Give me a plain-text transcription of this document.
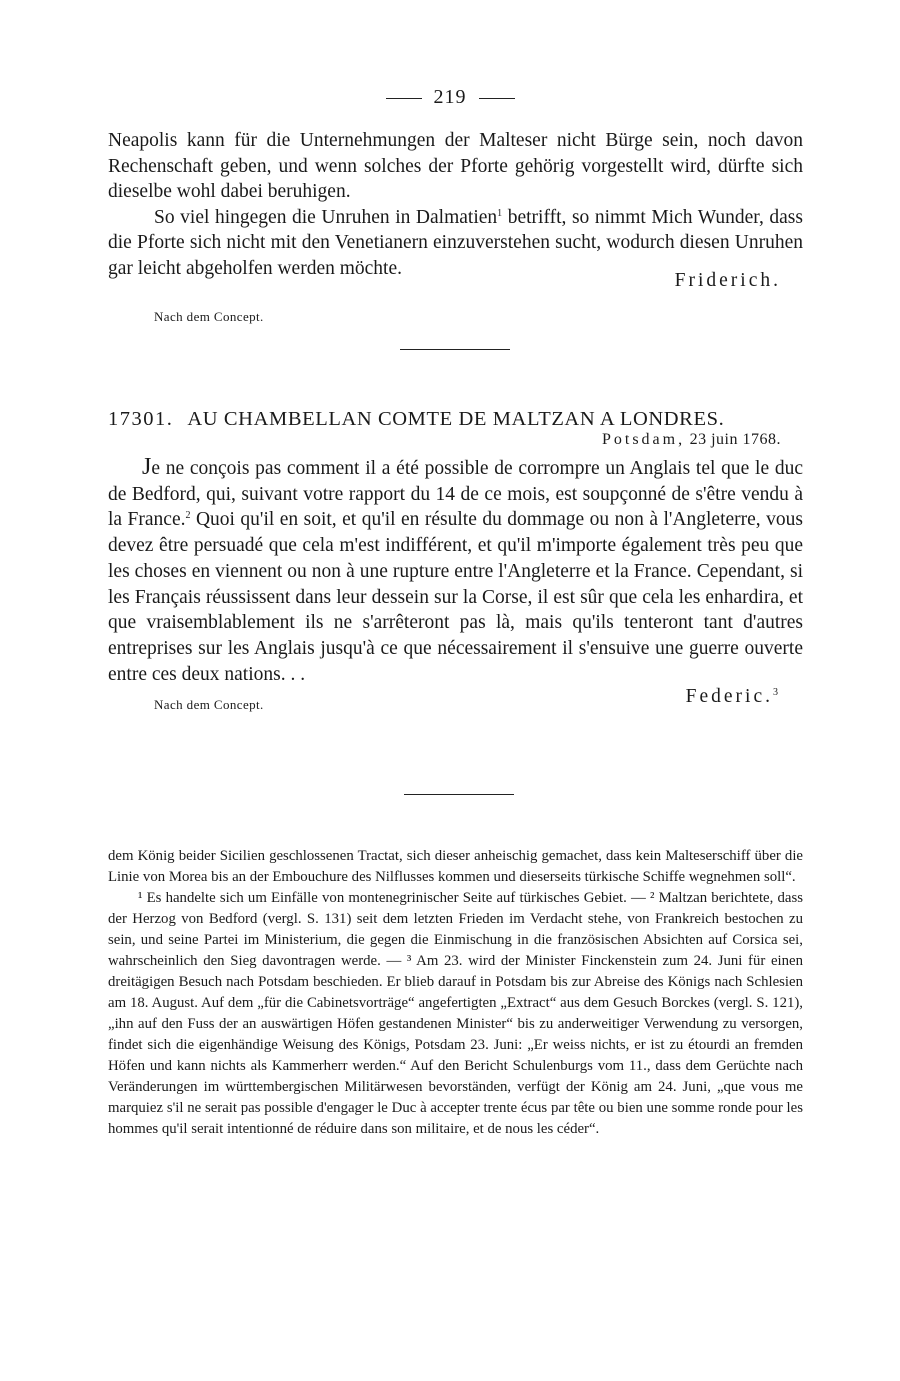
219

Neapolis kann für die Unternehmungen der Malteser nicht Bürge sein, noch davon Rechenschaft geben, und wenn solches der Pforte gehörig vorgestellt wird, dürfte sich dieselbe wohl dabei beruhigen.

So viel hingegen die Unruhen in Dalmatien$^1$ betrifft, so nimmt Mich Wunder, dass die Pforte sich nicht mit den Venetianern einzuverstehen sucht, wodurch diesen Unruhen gar leicht abgeholfen werden möchte.

Friderich.
Nach dem Concept.
17301. AU CHAMBELLAN COMTE DE MALTZAN A LONDRES.
Potsdam, 23 juin 1768.
Je ne conçois pas comment il a été possible de corrompre un Anglais tel que le duc de Bedford, qui, suivant votre rapport du 14 de ce mois, est soupçonné de s'être vendu à la France.$^2$ Quoi qu'il en soit, et qu'il en résulte du dommage ou non à l'Angleterre, vous devez être persuadé que cela m'est indifférent, et qu'il m'importe également très peu que les choses en viennent ou non à une rupture entre l'Angleterre et la France. Cependant, si les Français réussissent dans leur dessein sur la Corse, il est sûr que cela les enhardira, et que vraisemblablement ils ne s'arrêteront pas là, mais qu'ils tenteront tant d'autres entreprises sur les Anglais jusqu'à ce que nécessairement il s'ensuive une guerre ouverte entre ces deux nations. . .
Nach dem Concept.	Federic.$^3$

dem König beider Sicilien geschlossenen Tractat, sich dieser anheischig gemachet, dass kein Malteserschiff über die Linie von Morea bis an der Embouchure des Nilflusses kommen und dieserseits türkische Schiffe wegnehmen soll“.

¹ Es handelte sich um Einfälle von montenegrinischer Seite auf türkisches Gebiet. — ² Maltzan berichtete, dass der Herzog von Bedford (vergl. S. 131) seit dem letzten Frieden im Verdacht stehe, von Frankreich bestochen zu sein, und seine Partei im Ministerium, die gegen die Einmischung in die französischen Absichten auf Corsica sei, wahrscheinlich den Sieg davontragen werde. — ³ Am 23. wird der Minister Finckenstein zum 24. Juni für einen dreitägigen Besuch nach Potsdam beschieden. Er blieb darauf in Potsdam bis zur Abreise des Königs nach Schlesien am 18. August. Auf dem „für die Cabinetsvorträge“ angefertigten „Extract“ aus dem Gesuch Borckes (vergl. S. 121), „ihn auf den Fuss der an auswärtigen Höfen gestandenen Minister“ bis zu anderweitiger Verwendung zu versorgen, findet sich die eigenhändige Weisung des Königs, Potsdam 23. Juni: „Er weiss nichts, er ist zu étourdi an fremden Höfen und kann nichts als Kammerherr werden.“ Auf den Bericht Schulenburgs vom 11., dass dem Gerüchte nach Veränderungen im württembergischen Militärwesen bevorständen, verfügt der König am 24. Juni, „que vous me marquiez s'il ne serait pas possible d'engager le Duc à accepter trente écus par tête ou bien une somme ronde pour les hommes qu'il serait intentionné de réduire dans son militaire, et de nous les céder“.
